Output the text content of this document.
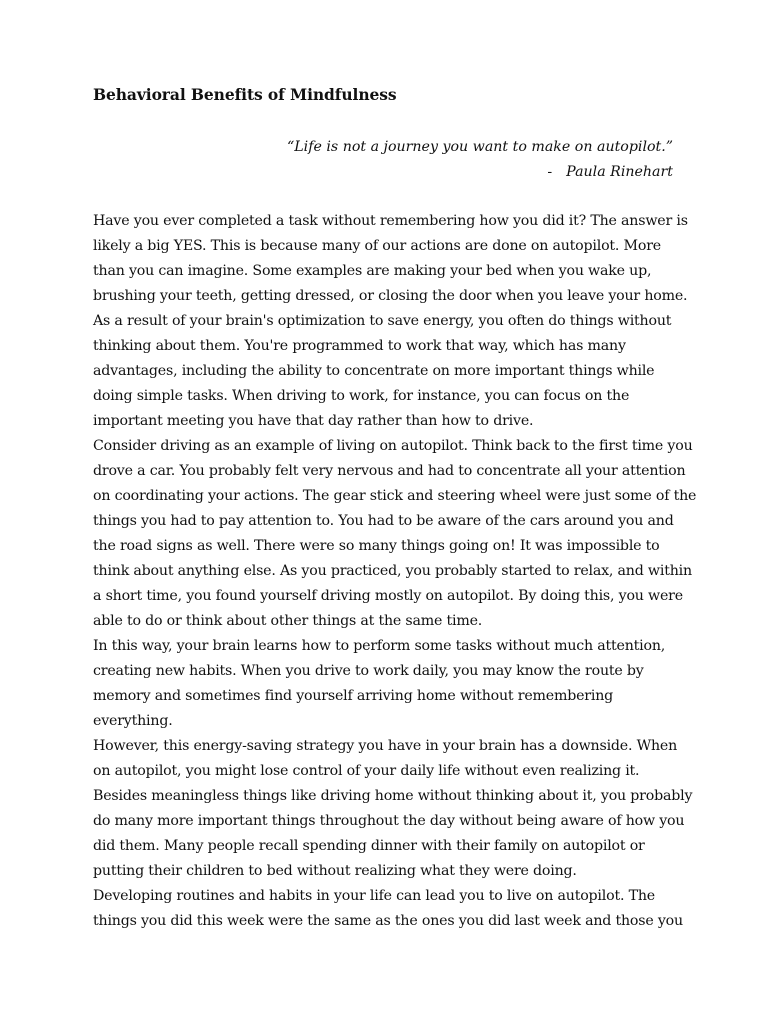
Behavioral Benefits of Mindfulness
“Life is not a journey you want to make on autopilot.”
- Paula Rinehart

Have you ever completed a task without remembering how you did it? The answer is
likely a big YES. This is because many of our actions are done on autopilot. More
than you can imagine. Some examples are making your bed when you wake up,
brushing your teeth, getting dressed, or closing the door when you leave your home.
As a result of your brain's optimization to save energy, you often do things without
thinking about them. You're programmed to work that way, which has many
advantages, including the ability to concentrate on more important things while
doing simple tasks. When driving to work, for instance, you can focus on the
important meeting you have that day rather than how to drive.

Consider driving as an example of living on autopilot. Think back to the first time you
drove a car. You probably felt very nervous and had to concentrate all your attention
on coordinating your actions. The gear stick and steering wheel were just some of the
things you had to pay attention to. You had to be aware of the cars around you and
the road signs as well. There were so many things going on! It was impossible to
think about anything else. As you practiced, you probably started to relax, and within
a short time, you found yourself driving mostly on autopilot. By doing this, you were
able to do or think about other things at the same time.

In this way, your brain learns how to perform some tasks without much attention,
creating new habits. When you drive to work daily, you may know the route by
memory and sometimes find yourself arriving home without remembering
everything.

However, this energy-saving strategy you have in your brain has a downside. When
on autopilot, you might lose control of your daily life without even realizing it.
Besides meaningless things like driving home without thinking about it, you probably
do many more important things throughout the day without being aware of how you
did them. Many people recall spending dinner with their family on autopilot or
putting their children to bed without realizing what they were doing.

Developing routines and habits in your life can lead you to live on autopilot. The
things you did this week were the same as the ones you did last week and those you
